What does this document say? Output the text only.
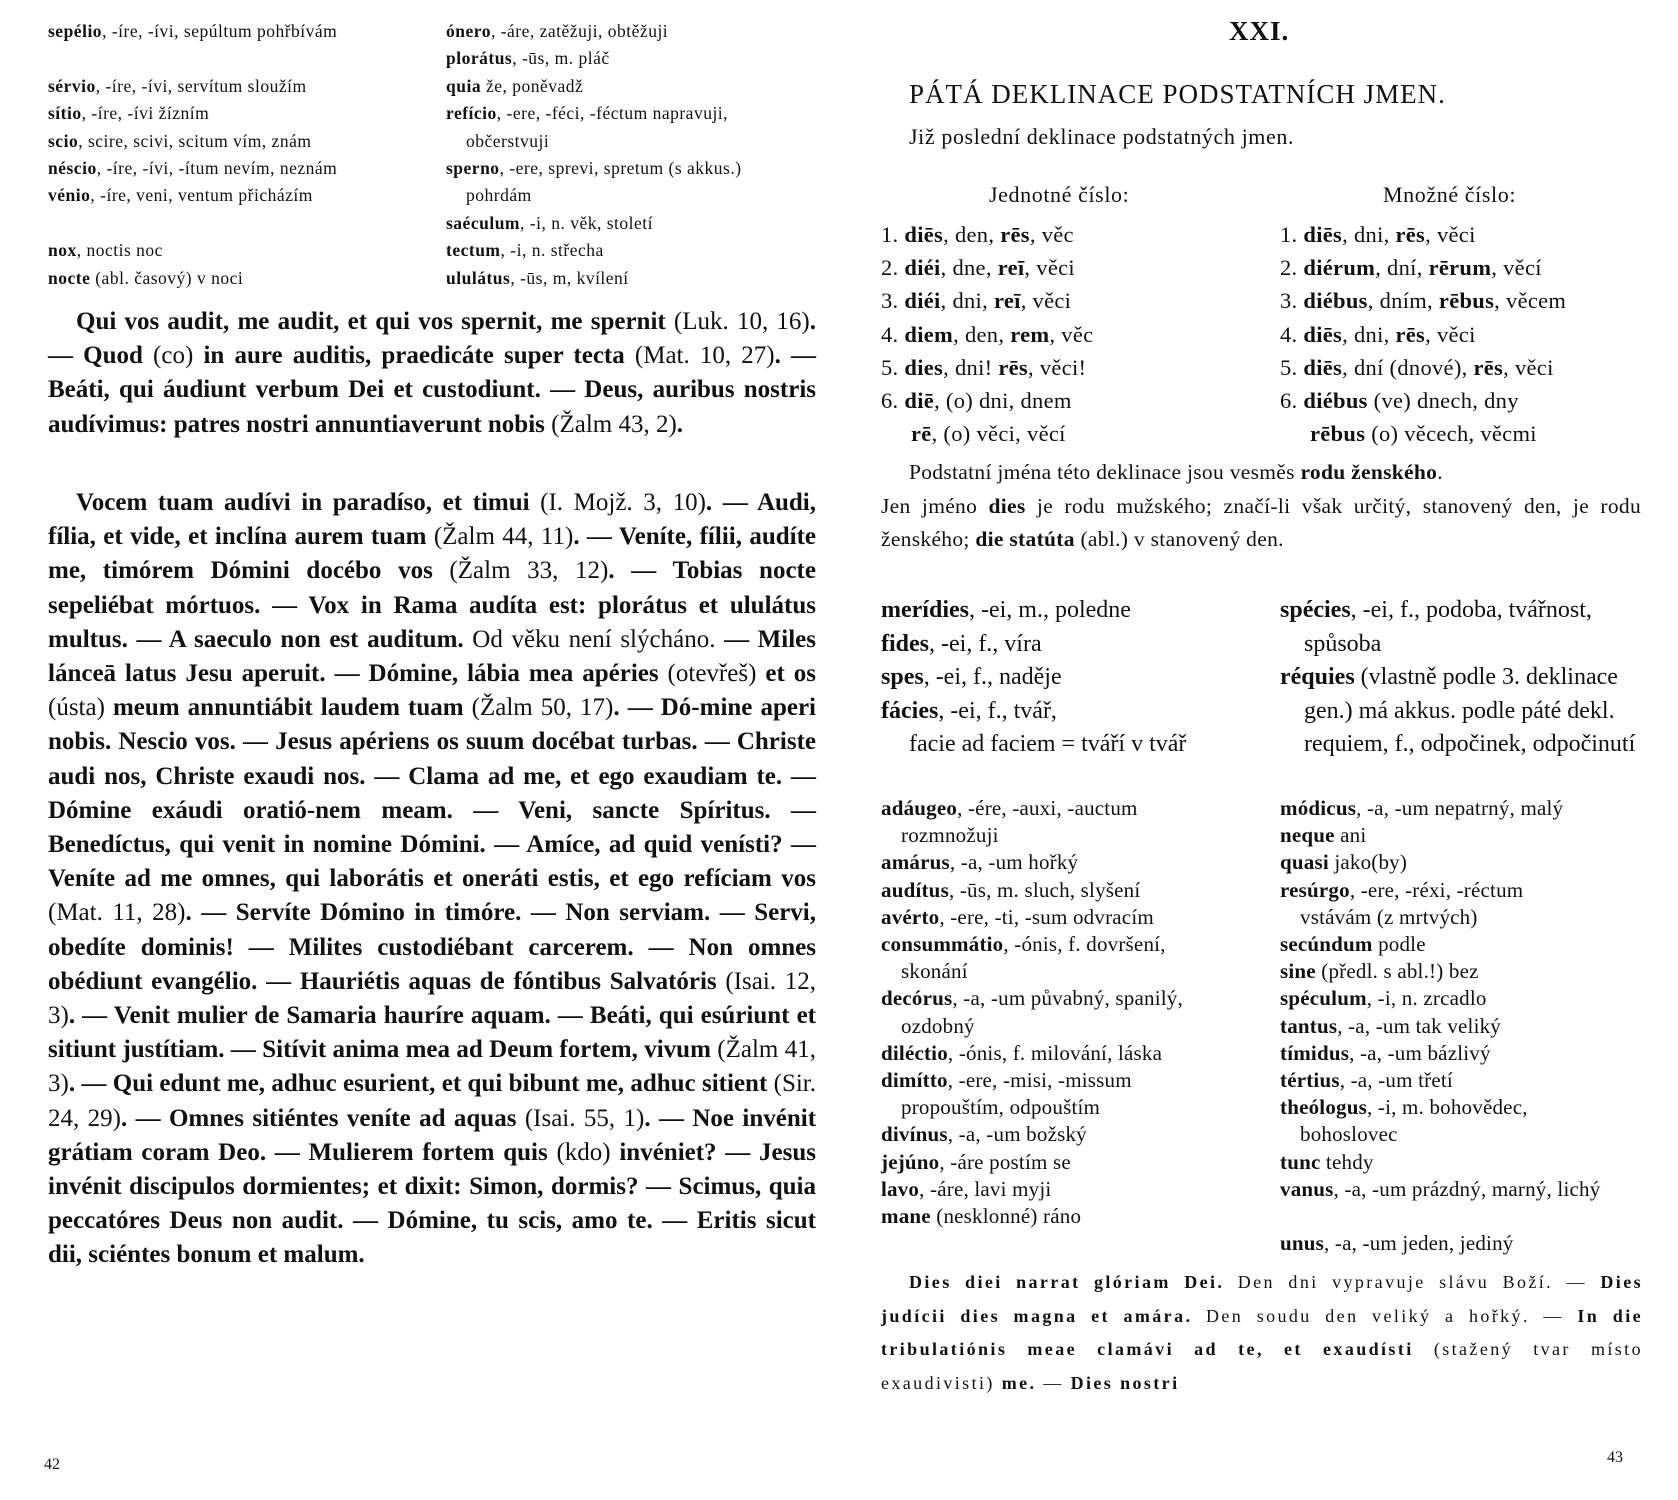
sepélio, -íre, -ívi, sepúltum pohřbívám
sérvio, -íre, -ívi, servítum sloužím
sítio, -íre, -ívi žízním
scio, scire, scivi, scitum vím, znám
néscio, -íre, -ívi, -ítum nevím, neznám
vénio, -íre, veni, ventum přicházím
nox, noctis noc
nocte (abl. časový) v noci
ónero, -áre, zatěžuji, obtěžuji
plorátus, -ūs, m. pláč
quia že, poněvadž
refício, -ere, -féci, -féctum napravuji,
občerstvuji
sperno, -ere, sprevi, spretum (s akkus.)
pohrdám
saéculum, -i, n. věk, století
tectum, -i, n. střecha
ululátus, -ūs, m, kvílení

Qui vos audit, me audit, et qui vos spernit, me spernit (Luk. 10, 16). — Quod (co) in aure auditis, praedicáte super tecta (Mat. 10, 27). — Beáti, qui áudiunt verbum Dei et custodiunt. — Deus, auribus nostris audívimus: patres nostri annuntiaverunt nobis (Žalm 43, 2).

Vocem tuam audívi in paradíso, et timui (I. Mojž. 3, 10). — Audi, fília, et vide, et inclína aurem tuam (Žalm 44, 11). — Veníte, fílii, audíte me, timórem Dómini docébo vos (Žalm 33, 12). — Tobias nocte sepeliébat mórtuos. — Vox in Rama audíta est: plorátus et ululátus multus. — A saeculo non est auditum. Od věku není slýcháno. — Miles lánceā latus Jesu aperuit. — Dómine, lábia mea apéries (otevřeš) et os (ústa) meum annuntiábit laudem tuam (Žalm 50, 17). — Dó-mine aperi nobis. Nescio vos. — Jesus apériens os suum docébat turbas. — Christe audi nos, Christe exaudi nos. — Clama ad me, et ego exaudiam te. — Dómine exáudi oratió-nem meam. — Veni, sancte Spíritus. — Benedíctus, qui venit in nomine Dómini. — Amíce, ad quid venísti? — Veníte ad me omnes, qui laborátis et oneráti estis, et ego refíciam vos (Mat. 11, 28). — Servíte Dómino in timóre. — Non serviam. — Servi, obedíte dominis! — Milites custodiébant carcerem. — Non omnes obédiunt evangélio. — Hauriétis aquas de fóntibus Salvatóris (Isai. 12, 3). — Venit mulier de Samaria hauríre aquam. — Beáti, qui esúriunt et sitiunt justítiam. — Sitívit anima mea ad Deum fortem, vivum (Žalm 41, 3). — Qui edunt me, adhuc esurient, et qui bibunt me, adhuc sitient (Sir. 24, 29). — Omnes sitiéntes veníte ad aquas (Isai. 55, 1). — Noe invénit grátiam coram Deo. — Mulierem fortem quis (kdo) invéniet? — Jesus invénit discipulos dormientes; et dixit: Simon, dormis? — Scimus, quia peccatóres Deus non audit. — Dómine, tu scis, amo te. — Eritis sicut dii, sciéntes bonum et malum.

42
XXI.
PÁTÁ DEKLINACE PODSTATNÍCH JMEN.
Již poslední deklinace podstatných jmen.
Jednotné číslo:	Množné číslo:
1. diēs, den, rēs, věc
2. diéi, dne, reī, věci
3. diéi, dni, reī, věci
4. diem, den, rem, věc
5. dies, dni! rēs, věci!
6. diē, (o) dni, dnem
rē, (o) věci, věcí
1. diēs, dni, rēs, věci
2. diérum, dní, rērum, věcí
3. diébus, dním, rēbus, věcem
4. diēs, dni, rēs, věci
5. diēs, dní (dnové), rēs, věci
6. diébus (ve) dnech, dny
rēbus (o) věcech, věcmi

Podstatní jména této deklinace jsou vesměs rodu ženského.

Jen jméno dies je rodu mužského; značí-li však určitý, stanovený den, je rodu ženského; die statúta (abl.) v stanovený den.

merídies, -ei, m., poledne
fides, -ei, f., víra
spes, -ei, f., naděje
fácies, -ei, f., tvář,
facie ad faciem = tváří v tvář
spécies, -ei, f., podoba, tvářnost, spůsoba
réquies (vlastně podle 3. deklinace gen.) má akkus. podle páté dekl. requiem, f., odpočinek, odpočinutí
adáugeo, -ére, -auxi, -auctum
rozmnožuji
amárus, -a, -um hořký
audítus, -ūs, m. sluch, slyšení
avérto, -ere, -ti, -sum odvracím
consummátio, -ónis, f. dovršení,
skonání
decórus, -a, -um půvabný, spanilý,
ozdobný
diléctio, -ónis, f. milování, láska
dimítto, -ere, -misi, -missum
propouštím, odpouštím
divínus, -a, -um božský
jejúno, -áre postím se
lavo, -áre, lavi myji
mane (nesklonné) ráno
módicus, -a, -um nepatrný, malý
neque ani
quasi jako(by)
resúrgo, -ere, -réxi, -réctum
vstávám (z mrtvých)
secúndum podle
sine (předl. s abl.!) bez
spéculum, -i, n. zrcadlo
tantus, -a, -um tak veliký
tímidus, -a, -um bázlivý
tértius, -a, -um třetí
theólogus, -i, m. bohovědec,
bohoslovec
tunc tehdy
vanus, -a, -um prázdný, marný, lichý
unus, -a, -um jeden, jediný

Dies diei narrat glóriam Dei. Den dni vypravuje slávu Boží. — Dies judícii dies magna et amára. Den soudu den veliký a hořký. — In die tribulatiónis meae clamávi ad te, et exaudísti (stažený tvar místo exaudivisti) me. — Dies nostri

43
